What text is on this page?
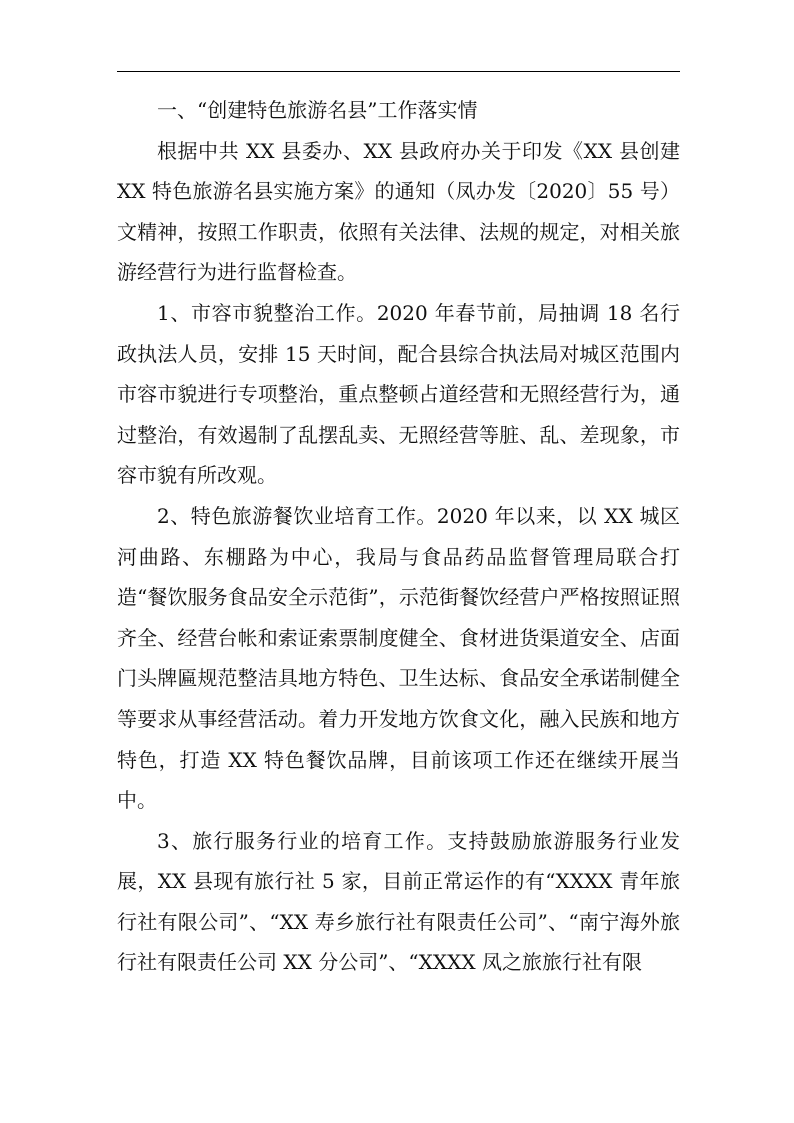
一、“创建特色旅游名县”工作落实情

根据中共 XX 县委办、XX 县政府办关于印发《XX 县创建 XX 特色旅游名县实施方案》的通知（凤办发〔2020〕55 号）文精神，按照工作职责，依照有关法律、法规的规定，对相关旅游经营行为进行监督检查。

1、市容市貌整治工作。2020 年春节前，局抽调 18 名行政执法人员，安排 15 天时间，配合县综合执法局对城区范围内市容市貌进行专项整治，重点整顿占道经营和无照经营行为，通过整治，有效遏制了乱摆乱卖、无照经营等脏、乱、差现象，市容市貌有所改观。

2、特色旅游餐饮业培育工作。2020 年以来，以 XX 城区河曲路、东棚路为中心，我局与食品药品监督管理局联合打造“餐饮服务食品安全示范街”，示范街餐饮经营户严格按照证照齐全、经营台帐和索证索票制度健全、食材进货渠道安全、店面门头牌匾规范整洁具地方特色、卫生达标、食品安全承诺制健全等要求从事经营活动。着力开发地方饮食文化，融入民族和地方特色，打造 XX 特色餐饮品牌，目前该项工作还在继续开展当中。

3、旅行服务行业的培育工作。支持鼓励旅游服务行业发展，XX 县现有旅行社 5 家，目前正常运作的有“XXXX 青年旅行社有限公司”、“XX 寿乡旅行社有限责任公司”、“南宁海外旅行社有限责任公司 XX 分公司”、“XXXX 凤之旅旅行社有限
